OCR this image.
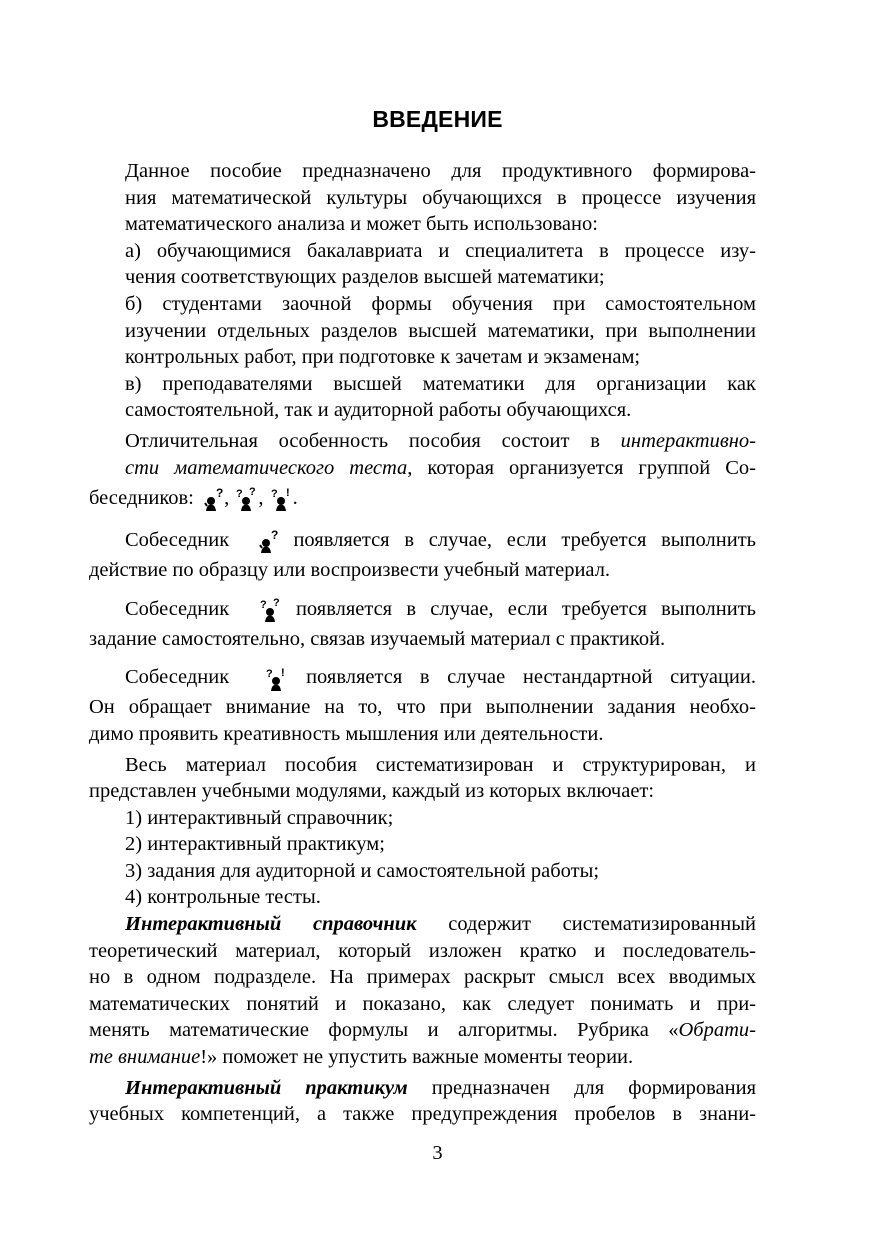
ВВЕДЕНИЕ

Данное пособие предназначено для продуктивного формирова-
ния математической культуры обучающихся в процессе изучения
математического анализа и может быть использовано:

а) обучающимися бакалавриата и специалитета в процессе изу-
чения соответствующих разделов высшей математики;

б) студентами заочной формы обучения при самостоятельном
изучении отдельных разделов высшей математики, при выполнении
контрольных работ, при подготовке к зачетам и экзаменам;

в) преподавателями высшей математики для организации как
самостоятельной, так и аудиторной работы обучающихся.

Отличительная особенность пособия состоит в интерактивно-
сти математического теста, которая организуется группой Со-
беседников: ? , ? ? , ? ! .

Собеседник	? появляется в случае, если требуется выполнить
действие по образцу или воспроизвести учебный материал.

Собеседник	? ? появляется в случае, если требуется выполнить
задание самостоятельно, связав изучаемый материал с практикой.

Собеседник	? ! появляется в случае нестандартной ситуации.
Он обращает внимание на то, что при выполнении задания необхо-
димо проявить креативность мышления или деятельности.

Весь материал пособия систематизирован и структурирован, и
представлен учебными модулями, каждый из которых включает:

1) интерактивный справочник;

2) интерактивный практикум;

3) задания для аудиторной и самостоятельной работы;

4) контрольные тесты.

Интерактивный справочник содержит систематизированный
теоретический материал, который изложен кратко и последователь-
но в одном подразделе. На примерах раскрыт смысл всех вводимых
математических понятий и показано, как следует понимать и при-
менять математические формулы и алгоритмы. Рубрика «Обрати-
те внимание!» поможет не упустить важные моменты теории.

Интерактивный практикум предназначен для формирования
учебных компетенций, а также предупреждения пробелов в знани-

3
